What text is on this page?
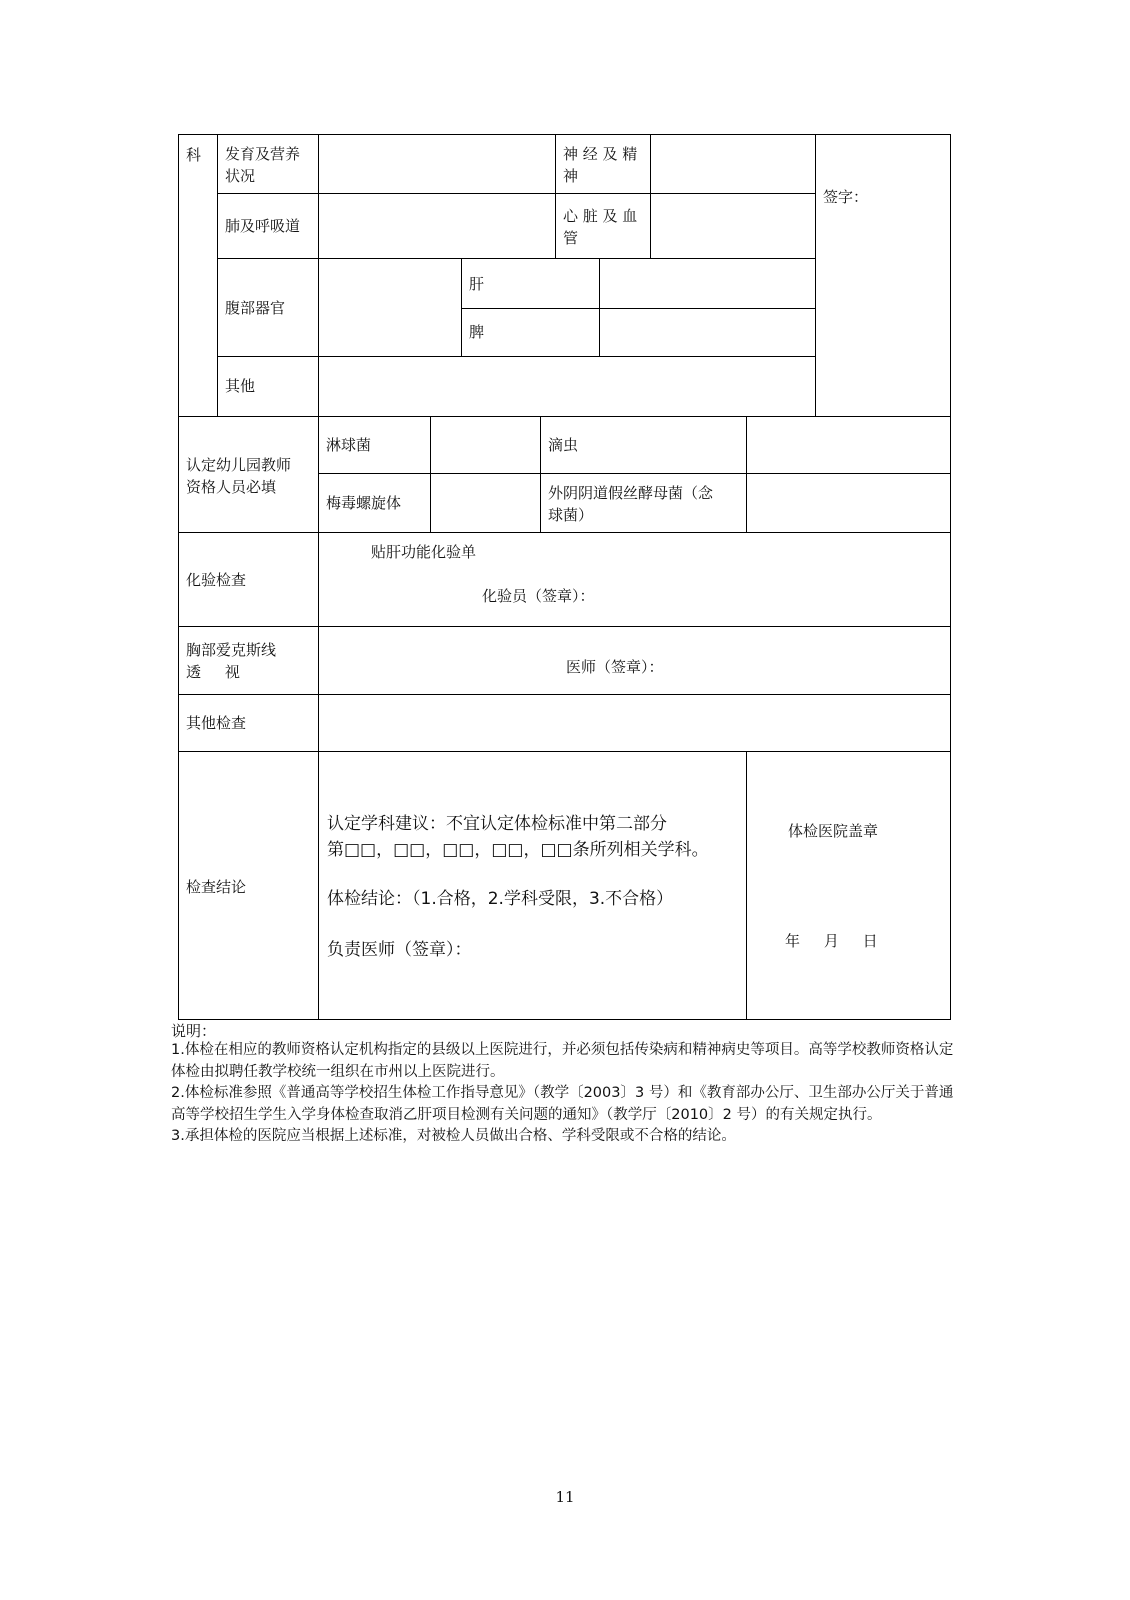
科 发育及营养
状况
神 经 及 精
神
肺及呼吸道
心 脏 及 血
管
腹部器官
肝
脾
其他
签字：
认定幼儿园教师
资格人员必填
淋球菌	滴虫
梅毒螺旋体
外阴阴道假丝酵母菌（念
球菌）
化验检查
贴肝功能化验单
化验员（签章）：
胸部爱克斯线
透     视	医师（签章）：
其他检查
检查结论
认定学科建议：不宜认定体检标准中第二部分
第□□，□□，□□，□□，□□条所列相关学科。
体检结论：（1.合格，2.学科受限，3.不合格）
负责医师（签章）：
体检医院盖章
年     月     日
说明：

1.体检在相应的教师资格认定机构指定的县级以上医院进行，并必须包括传染病和精神病史等项目。高等学校教师资格认定体检由拟聘任教学校统一组织在市州以上医院进行。

2.体检标准参照《普通高等学校招生体检工作指导意见》（教学〔2003〕3 号）和《教育部办公厅、卫生部办公厅关于普通高等学校招生学生入学身体检查取消乙肝项目检测有关问题的通知》（教学厅〔2010〕2 号）的有关规定执行。

3.承担体检的医院应当根据上述标准，对被检人员做出合格、学科受限或不合格的结论。

11
